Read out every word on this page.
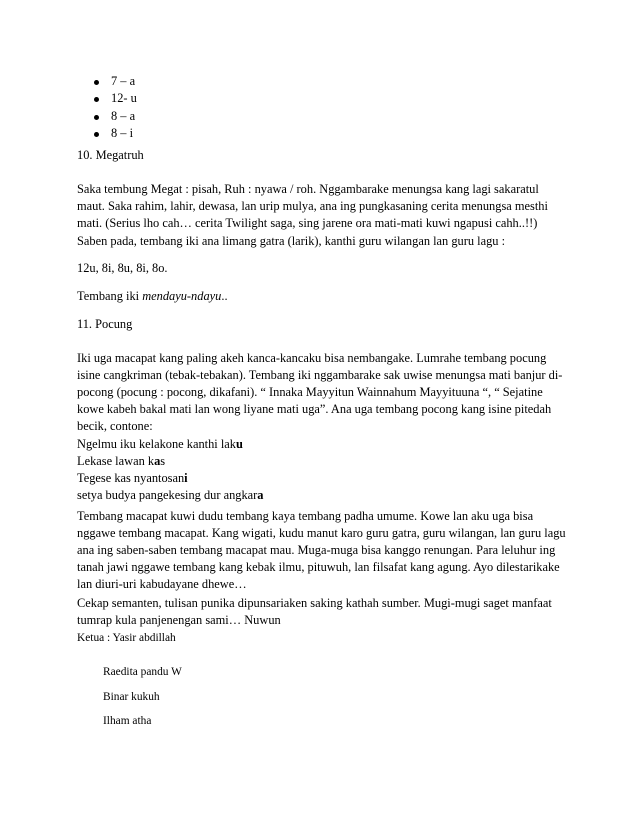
7 – a
12- u
8 – a
8 – i
10. Megatruh
Saka tembung Megat : pisah, Ruh : nyawa / roh. Nggambarake menungsa kang lagi sakaratul maut. Saka rahim, lahir, dewasa, lan urip mulya, ana ing pungkasaning cerita menungsa mesthi mati. (Serius lho cah… cerita Twilight saga, sing jarene ora mati-mati kuwi ngapusi cahh..!!)
Saben pada, tembang iki ana limang gatra (larik), kanthi guru wilangan lan guru lagu :
12u, 8i, 8u, 8i, 8o.
Tembang iki mendayu-ndayu..
11. Pocung
Iki uga macapat kang paling akeh kanca-kancaku bisa nembangake. Lumrahe tembang pocung isine cangkriman (tebak-tebakan). Tembang iki nggambarake sak uwise menungsa mati banjur di-pocong (pocung : pocong, dikafani). “ Innaka Mayyitun Wainnahum Mayyituuna “, “ Sejatine kowe kabeh bakal mati lan wong liyane mati uga”. Ana uga tembang pocong kang isine pitedah becik, contone:

Ngelmu iku kelakone kanthi laku

Lekase lawan kas

Tegese kas nyantosani

setya budya pangekesing dur angkara

Tembang macapat kuwi dudu tembang kaya tembang padha umume. Kowe lan aku uga bisa nggawe tembang macapat. Kang wigati, kudu manut karo guru gatra, guru wilangan, lan guru lagu ana ing saben-saben tembang macapat mau. Muga-muga bisa kanggo renungan. Para leluhur ing tanah jawi nggawe tembang kang kebak ilmu, pituwuh, lan filsafat kang agung. Ayo dilestarikake lan diuri-uri kabudayane dhewe…
Cekap semanten, tulisan punika dipunsariaken saking kathah sumber. Mugi-mugi saget manfaat tumrap kula panjenengan sami… Nuwun
Ketua : Yasir abdillah
Raedita pandu W
Binar kukuh
Ilham atha
